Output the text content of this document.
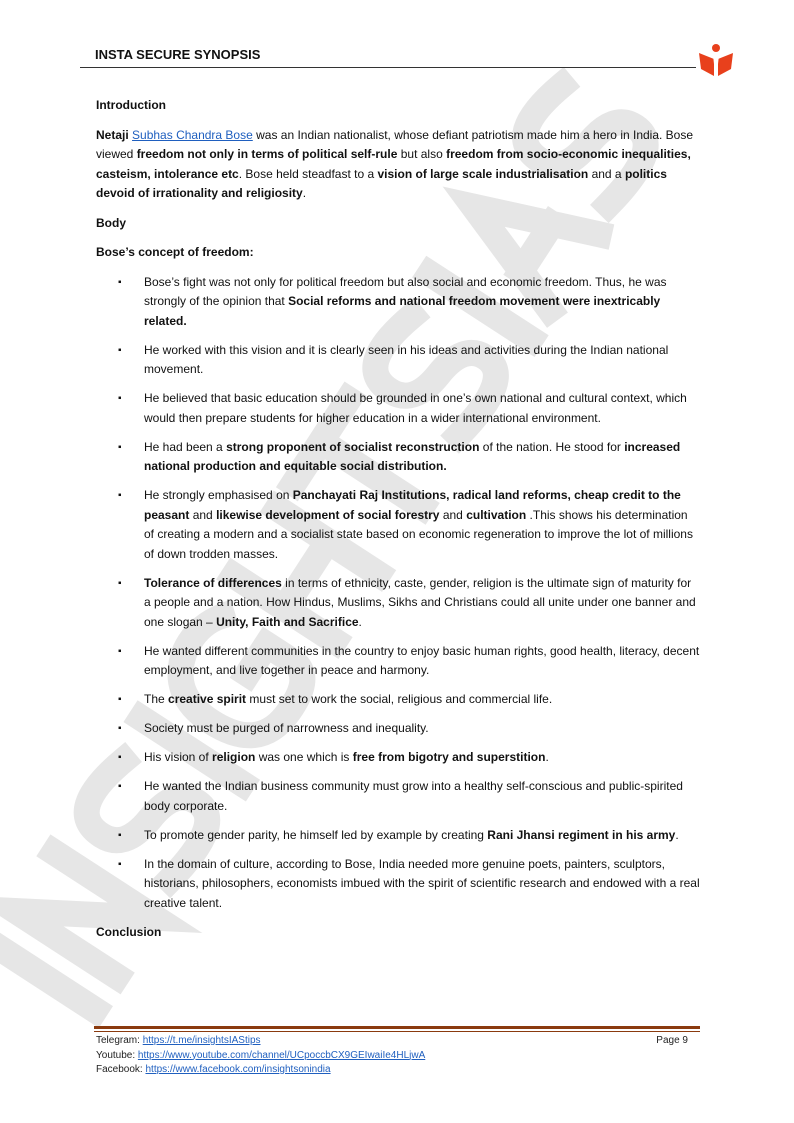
INSTA SECURE SYNOPSIS

Introduction

Netaji Subhas Chandra Bose was an Indian nationalist, whose defiant patriotism made him a hero in India. Bose viewed freedom not only in terms of political self-rule but also freedom from socio-economic inequalities, casteism, intolerance etc. Bose held steadfast to a vision of large scale industrialisation and a politics devoid of irrationality and religiosity.

Body

Bose’s concept of freedom:

▪ Bose’s fight was not only for political freedom but also social and economic freedom. Thus, he was strongly of the opinion that Social reforms and national freedom movement were inextricably related.
▪ He worked with this vision and it is clearly seen in his ideas and activities during the Indian national movement.
▪ He believed that basic education should be grounded in one’s own national and cultural context, which would then prepare students for higher education in a wider international environment.
▪ He had been a strong proponent of socialist reconstruction of the nation. He stood for increased national production and equitable social distribution.
▪ He strongly emphasised on Panchayati Raj Institutions, radical land reforms, cheap credit to the peasant and likewise development of social forestry and cultivation .This shows his determination of creating a modern and a socialist state based on economic regeneration to improve the lot of millions of down trodden masses.
▪ Tolerance of differences in terms of ethnicity, caste, gender, religion is the ultimate sign of maturity for a people and a nation. How Hindus, Muslims, Sikhs and Christians could all unite under one banner and one slogan – Unity, Faith and Sacrifice.
▪ He wanted different communities in the country to enjoy basic human rights, good health, literacy, decent employment, and live together in peace and harmony.
▪ The creative spirit must set to work the social, religious and commercial life.
▪ Society must be purged of narrowness and inequality.
▪ His vision of religion was one which is free from bigotry and superstition.
▪ He wanted the Indian business community must grow into a healthy self-conscious and public-spirited body corporate.
▪ To promote gender parity, he himself led by example by creating Rani Jhansi regiment in his army.
▪ In the domain of culture, according to Bose, India needed more genuine poets, painters, sculptors, historians, philosophers, economists imbued with the spirit of scientific research and endowed with a real creative talent.

Conclusion

Telegram: https://t.me/insightsIAStips
Youtube: https://www.youtube.com/channel/UCpoccbCX9GEIwaiIe4HLjwA
Facebook: https://www.facebook.com/insightsonindia
Page 9
